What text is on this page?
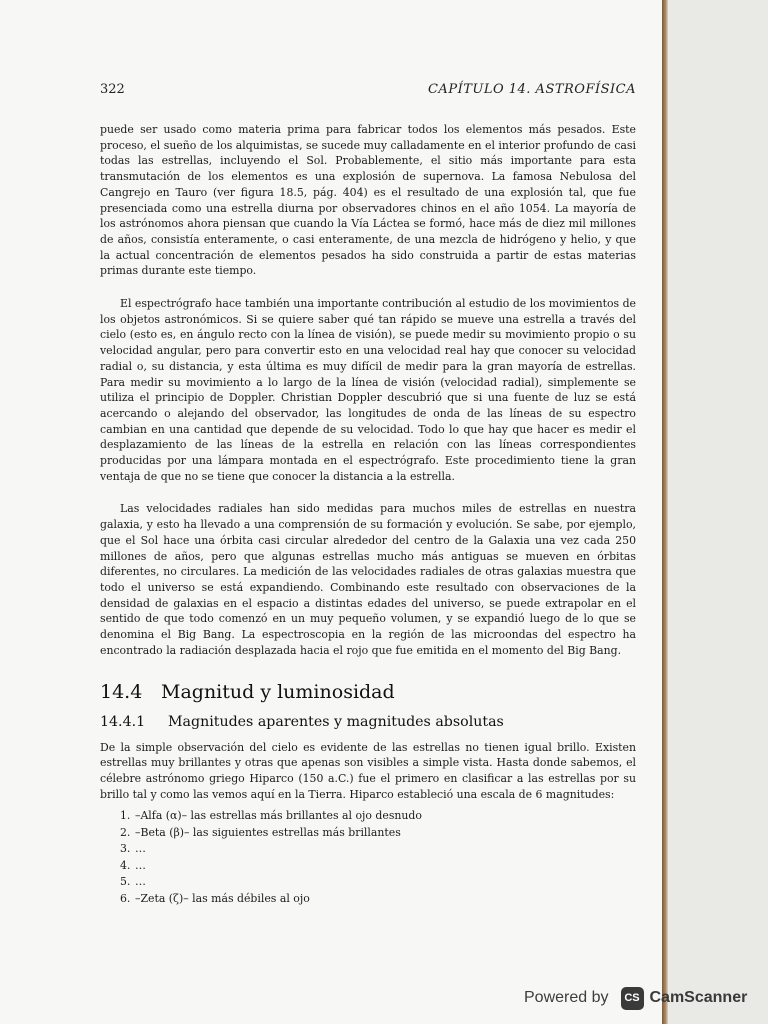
322	CAPÍTULO 14. ASTROFÍSICA

puede ser usado como materia prima para fabricar todos los elementos más pesados. Este proceso, el sueño de los alquimistas, se sucede muy calladamente en el interior profundo de casi todas las estrellas, incluyendo el Sol. Probablemente, el sitio más importante para esta transmutación de los elementos es una explosión de supernova. La famosa Nebulosa del Cangrejo en Tauro (ver figura 18.5, pág. 404) es el resultado de una explosión tal, que fue presenciada como una estrella diurna por observadores chinos en el año 1054. La mayoría de los astrónomos ahora piensan que cuando la Vía Láctea se formó, hace más de diez mil millones de años, consistía enteramente, o casi enteramente, de una mezcla de hidrógeno y helio, y que la actual concentración de elementos pesados ha sido construida a partir de estas materias primas durante este tiempo.

El espectrógrafo hace también una importante contribución al estudio de los movimientos de los objetos astronómicos. Si se quiere saber qué tan rápido se mueve una estrella a través del cielo (esto es, en ángulo recto con la línea de visión), se puede medir su movimiento propio o su velocidad angular, pero para convertir esto en una velocidad real hay que conocer su velocidad radial o, su distancia, y esta última es muy difícil de medir para la gran mayoría de estrellas. Para medir su movimiento a lo largo de la línea de visión (velocidad radial), simplemente se utiliza el principio de Doppler. Christian Doppler descubrió que si una fuente de luz se está acercando o alejando del observador, las longitudes de onda de las líneas de su espectro cambian en una cantidad que depende de su velocidad. Todo lo que hay que hacer es medir el desplazamiento de las líneas de la estrella en relación con las líneas correspondientes producidas por una lámpara montada en el espectrógrafo. Este procedimiento tiene la gran ventaja de que no se tiene que conocer la distancia a la estrella.

Las velocidades radiales han sido medidas para muchos miles de estrellas en nuestra galaxia, y esto ha llevado a una comprensión de su formación y evolución. Se sabe, por ejemplo, que el Sol hace una órbita casi circular alrededor del centro de la Galaxia una vez cada 250 millones de años, pero que algunas estrellas mucho más antiguas se mueven en órbitas diferentes, no circulares. La medición de las velocidades radiales de otras galaxias muestra que todo el universo se está expandiendo. Combinando este resultado con observaciones de la densidad de galaxias en el espacio a distintas edades del universo, se puede extrapolar en el sentido de que todo comenzó en un muy pequeño volumen, y se expandió luego de lo que se denomina el Big Bang. La espectroscopia en la región de las microondas del espectro ha encontrado la radiación desplazada hacia el rojo que fue emitida en el momento del Big Bang.

14.4 Magnitud y luminosidad
14.4.1 Magnitudes aparentes y magnitudes absolutas

De la simple observación del cielo es evidente de las estrellas no tienen igual brillo. Existen estrellas muy brillantes y otras que apenas son visibles a simple vista. Hasta donde sabemos, el célebre astrónomo griego Hiparco (150 a.C.) fue el primero en clasificar a las estrellas por su brillo tal y como las vemos aquí en la Tierra. Hiparco estableció una escala de 6 magnitudes:

1. –Alfa (α)– las estrellas más brillantes al ojo desnudo
2. –Beta (β)– las siguientes estrellas más brillantes
3. …
4. …
5. …
6. –Zeta (ζ)– las más débiles al ojo
Powered by	CS CamScanner
